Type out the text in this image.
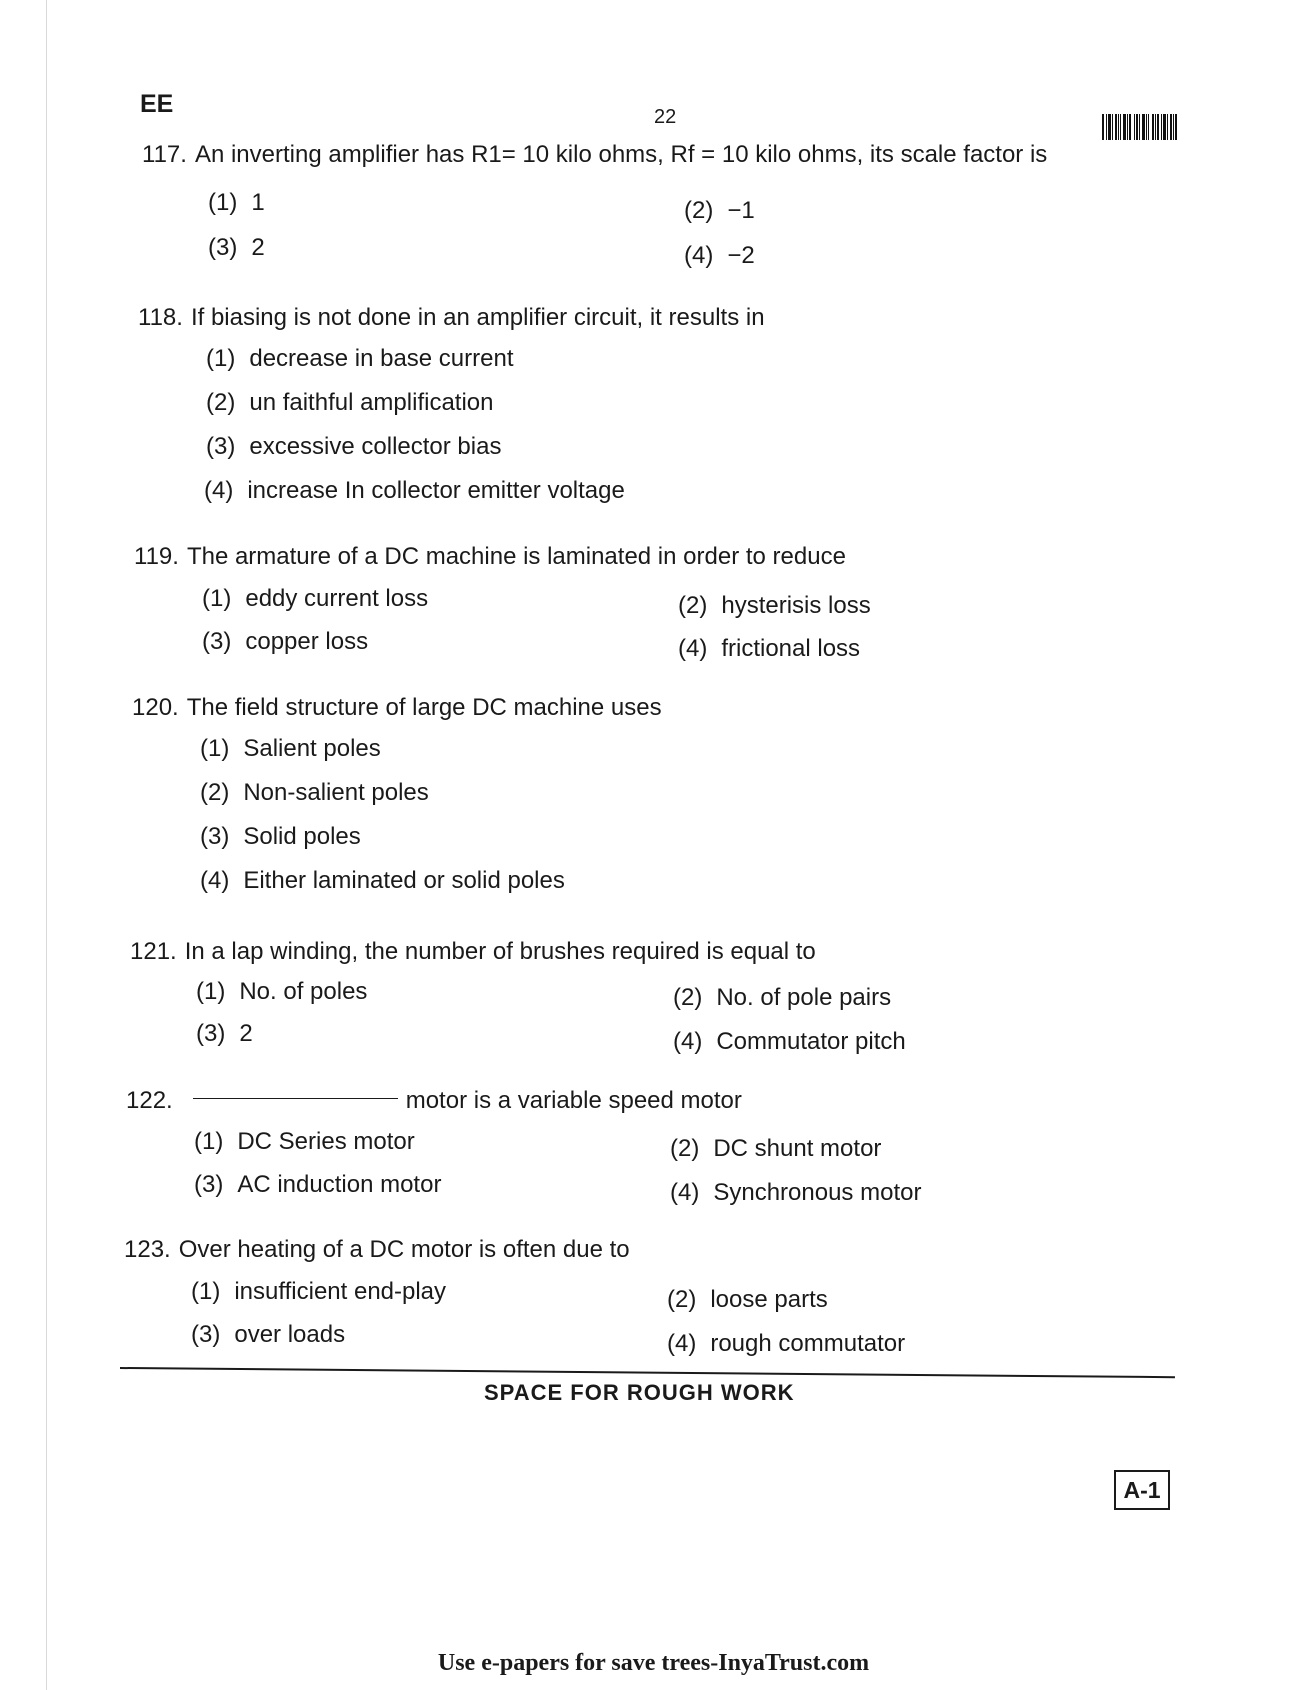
EE	22
117. An inverting amplifier has R1= 10 kilo ohms, Rf = 10 kilo ohms, its scale factor is
(1) 1	(2) −1
(3) 2	(4) −2
118. If biasing is not done in an amplifier circuit, it results in
(1) decrease in base current
(2) un faithful amplification
(3) excessive collector bias
(4) increase In collector emitter voltage
119. The armature of a DC machine is laminated in order to reduce
(1) eddy current loss	(2) hysterisis loss
(3) copper loss	(4) frictional loss
120. The field structure of large DC machine uses
(1) Salient poles
(2) Non-salient poles
(3) Solid poles
(4) Either laminated or solid poles
121. In a lap winding, the number of brushes required is equal to
(1) No. of poles	(2) No. of pole pairs
(3) 2	(4) Commutator pitch
122.	motor is a variable speed motor
(1) DC Series motor	(2) DC shunt motor
(3) AC induction motor	(4) Synchronous motor
123. Over heating of a DC motor is often due to
(1) insufficient end-play	(2) loose parts
(3) over loads	(4) rough commutator
SPACE FOR ROUGH WORK
A-1
Use e-papers for save trees-InyaTrust.com
